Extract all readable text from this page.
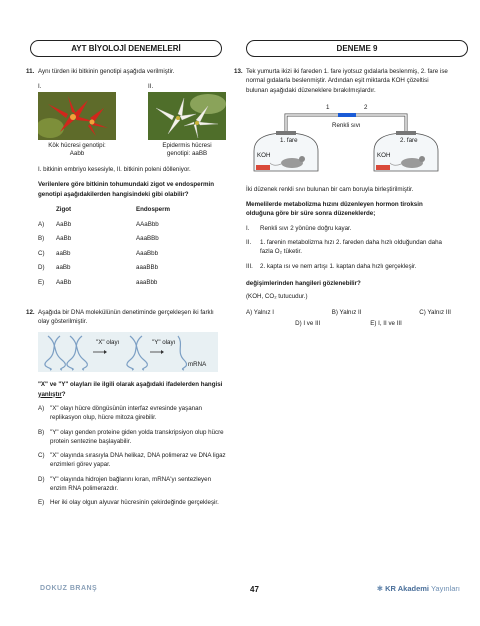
AYT BİYOLOJİ DENEMELERİ	DENEME 9
11. Aynı türden iki bitkinin genotipi aşağıda verilmiştir.

I.
Kök hücresi genotipi:
Aabb
II.
Epidermis hücresi
genotipi: aaBB

I. bitkinin embriyo kesesiyle, II. bitkinin poleni dölleniyor.

Verilenlere göre bitkinin tohumundaki zigot ve endospermin genotipi aşağıdakilerden hangisindeki gibi olabilir?

	Zigot	Endosperm
A)	AaBb	AAaBbb
B)	AaBb	AaaBBb
C)	aaBb	AaaBbb
D)	aaBb	aaaBBb
E)	AaBb	aaaBbb
12. Aşağıda bir DNA molekülünün denetiminde gerçekleşen iki farklı olay gösterilmiştir.

"X" olayı	"Y" olayı
mRNA

"X" ve "Y" olayları ile ilgili olarak aşağıdaki ifadelerden hangisi yanlıştır?

A) "X" olayı hücre döngüsünün interfaz evresinde yaşanan replikasyon olup, hücre mitoza girebilir.
B) "Y" olayı genden proteine giden yolda transkripsiyon olup hücre protein sentezine başlayabilir.
C) "X" olayında sırasıyla DNA helikaz, DNA polimeraz ve DNA ligaz enzimleri görev yapar.
D) "Y" olayında hidrojen bağlarını kıran, mRNA'yı sentezleyen enzim RNA polimerazdır.
E) Her iki olay olgun alyuvar hücresinin çekirdeğinde gerçekleşir.
13. Tek yumurta ikizi iki fareden 1. fare iyotsuz gıdalarla beslenmiş, 2. fare ise normal gıdalarla beslenmiştir. Ardından eşit miktarda KOH çözeltisi bulunan aşağıdaki düzeneklere bırakılmışlardır.

1	2
Renkli sıvı
1. fare	2. fare
KOH	KOH

İki düzenek renkli sıvı bulunan bir cam boruyla birleştirilmiştir.

Memelilerde metabolizma hızını düzenleyen hormon tiroksin olduğuna göre bir süre sonra düzeneklerde;

I.	Renkli sıvı 2 yönüne doğru kayar.
II.	1. farenin metabolizma hızı 2. fareden daha hızlı olduğundan daha fazla O₂ tüketir.
III.	2. kapta ısı ve nem artışı 1. kaptan daha hızlı gerçekleşir.

değişimlerinden hangileri gözlenebilir?

(KOH, CO₂ tutucudur.)

A) Yalnız I	B) Yalnız II	C) Yalnız III
D) I ve III	E) I, II ve III
DOKUZ BRANŞ	47	✱ KR Akademi Yayınları
